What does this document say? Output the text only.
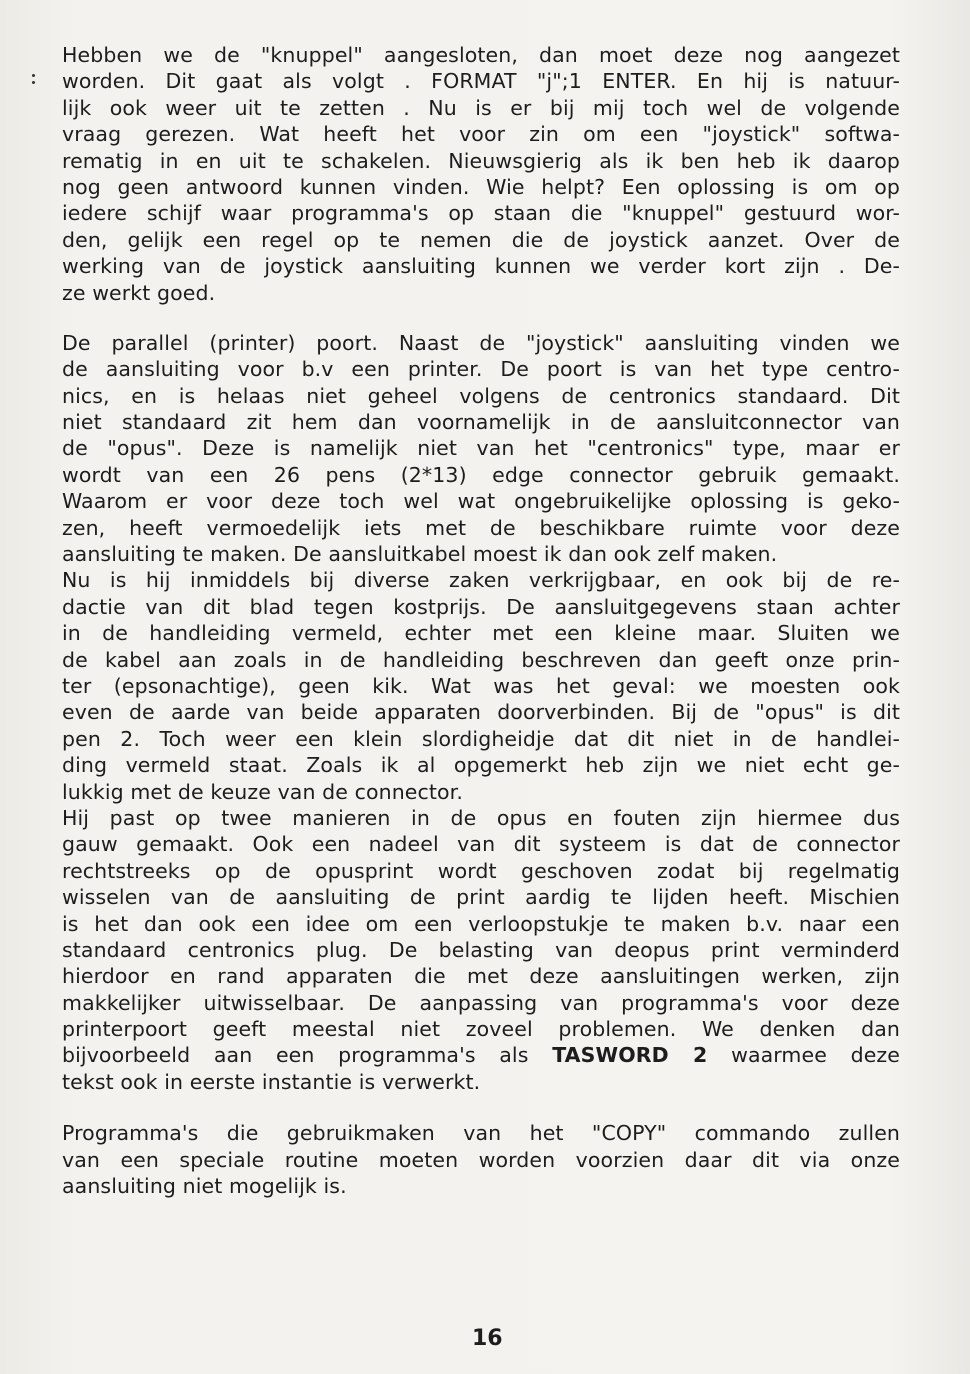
Hebben we de "knuppel" aangesloten, dan moet deze nog aangezet
worden. Dit gaat als volgt . FORMAT "j";1 ENTER. En hij is natuur-
lijk ook weer uit te zetten . Nu is er bij mij toch wel de volgende
vraag gerezen. Wat heeft het voor zin om een "joystick" softwa-
rematig in en uit te schakelen. Nieuwsgierig als ik ben heb ik daarop
nog geen antwoord kunnen vinden. Wie helpt? Een oplossing is om op
iedere schijf waar programma's op staan die "knuppel" gestuurd wor-
den, gelijk een regel op te nemen die de joystick aanzet. Over de
werking van de joystick aansluiting kunnen we verder kort zijn . De-
ze werkt goed.
De parallel (printer) poort. Naast de "joystick" aansluiting vinden we
de aansluiting voor b.v een printer. De poort is van het type centro-
nics, en is helaas niet geheel volgens de centronics standaard. Dit
niet standaard zit hem dan voornamelijk in de aansluitconnector van
de "opus". Deze is namelijk niet van het "centronics" type, maar er
wordt van een 26 pens (2*13) edge connector gebruik gemaakt.
Waarom er voor deze toch wel wat ongebruikelijke oplossing is geko-
zen, heeft vermoedelijk iets met de beschikbare ruimte voor deze
aansluiting te maken. De aansluitkabel moest ik dan ook zelf maken.
Nu is hij inmiddels bij diverse zaken verkrijgbaar, en ook bij de re-
dactie van dit blad tegen kostprijs. De aansluitgegevens staan achter
in de handleiding vermeld, echter met een kleine maar. Sluiten we
de kabel aan zoals in de handleiding beschreven dan geeft onze prin-
ter (epsonachtige), geen kik. Wat was het geval: we moesten ook
even de aarde van beide apparaten doorverbinden. Bij de "opus" is dit
pen 2. Toch weer een klein slordigheidje dat dit niet in de handlei-
ding vermeld staat. Zoals ik al opgemerkt heb zijn we niet echt ge-
lukkig met de keuze van de connector.
Hij past op twee manieren in de opus en fouten zijn hiermee dus
gauw gemaakt. Ook een nadeel van dit systeem is dat de connector
rechtstreeks op de opusprint wordt geschoven zodat bij regelmatig
wisselen van de aansluiting de print aardig te lijden heeft. Mischien
is het dan ook een idee om een verloopstukje te maken b.v. naar een
standaard centronics plug. De belasting van deopus print verminderd
hierdoor en rand apparaten die met deze aansluitingen werken, zijn
makkelijker uitwisselbaar. De aanpassing van programma's voor deze
printerpoort geeft meestal niet zoveel problemen. We denken dan
bijvoorbeeld aan een programma's als TASWORD 2 waarmee deze
tekst ook in eerste instantie is verwerkt.
Programma's die gebruikmaken van het "COPY" commando zullen
van een speciale routine moeten worden voorzien daar dit via onze
aansluiting niet mogelijk is.
16
